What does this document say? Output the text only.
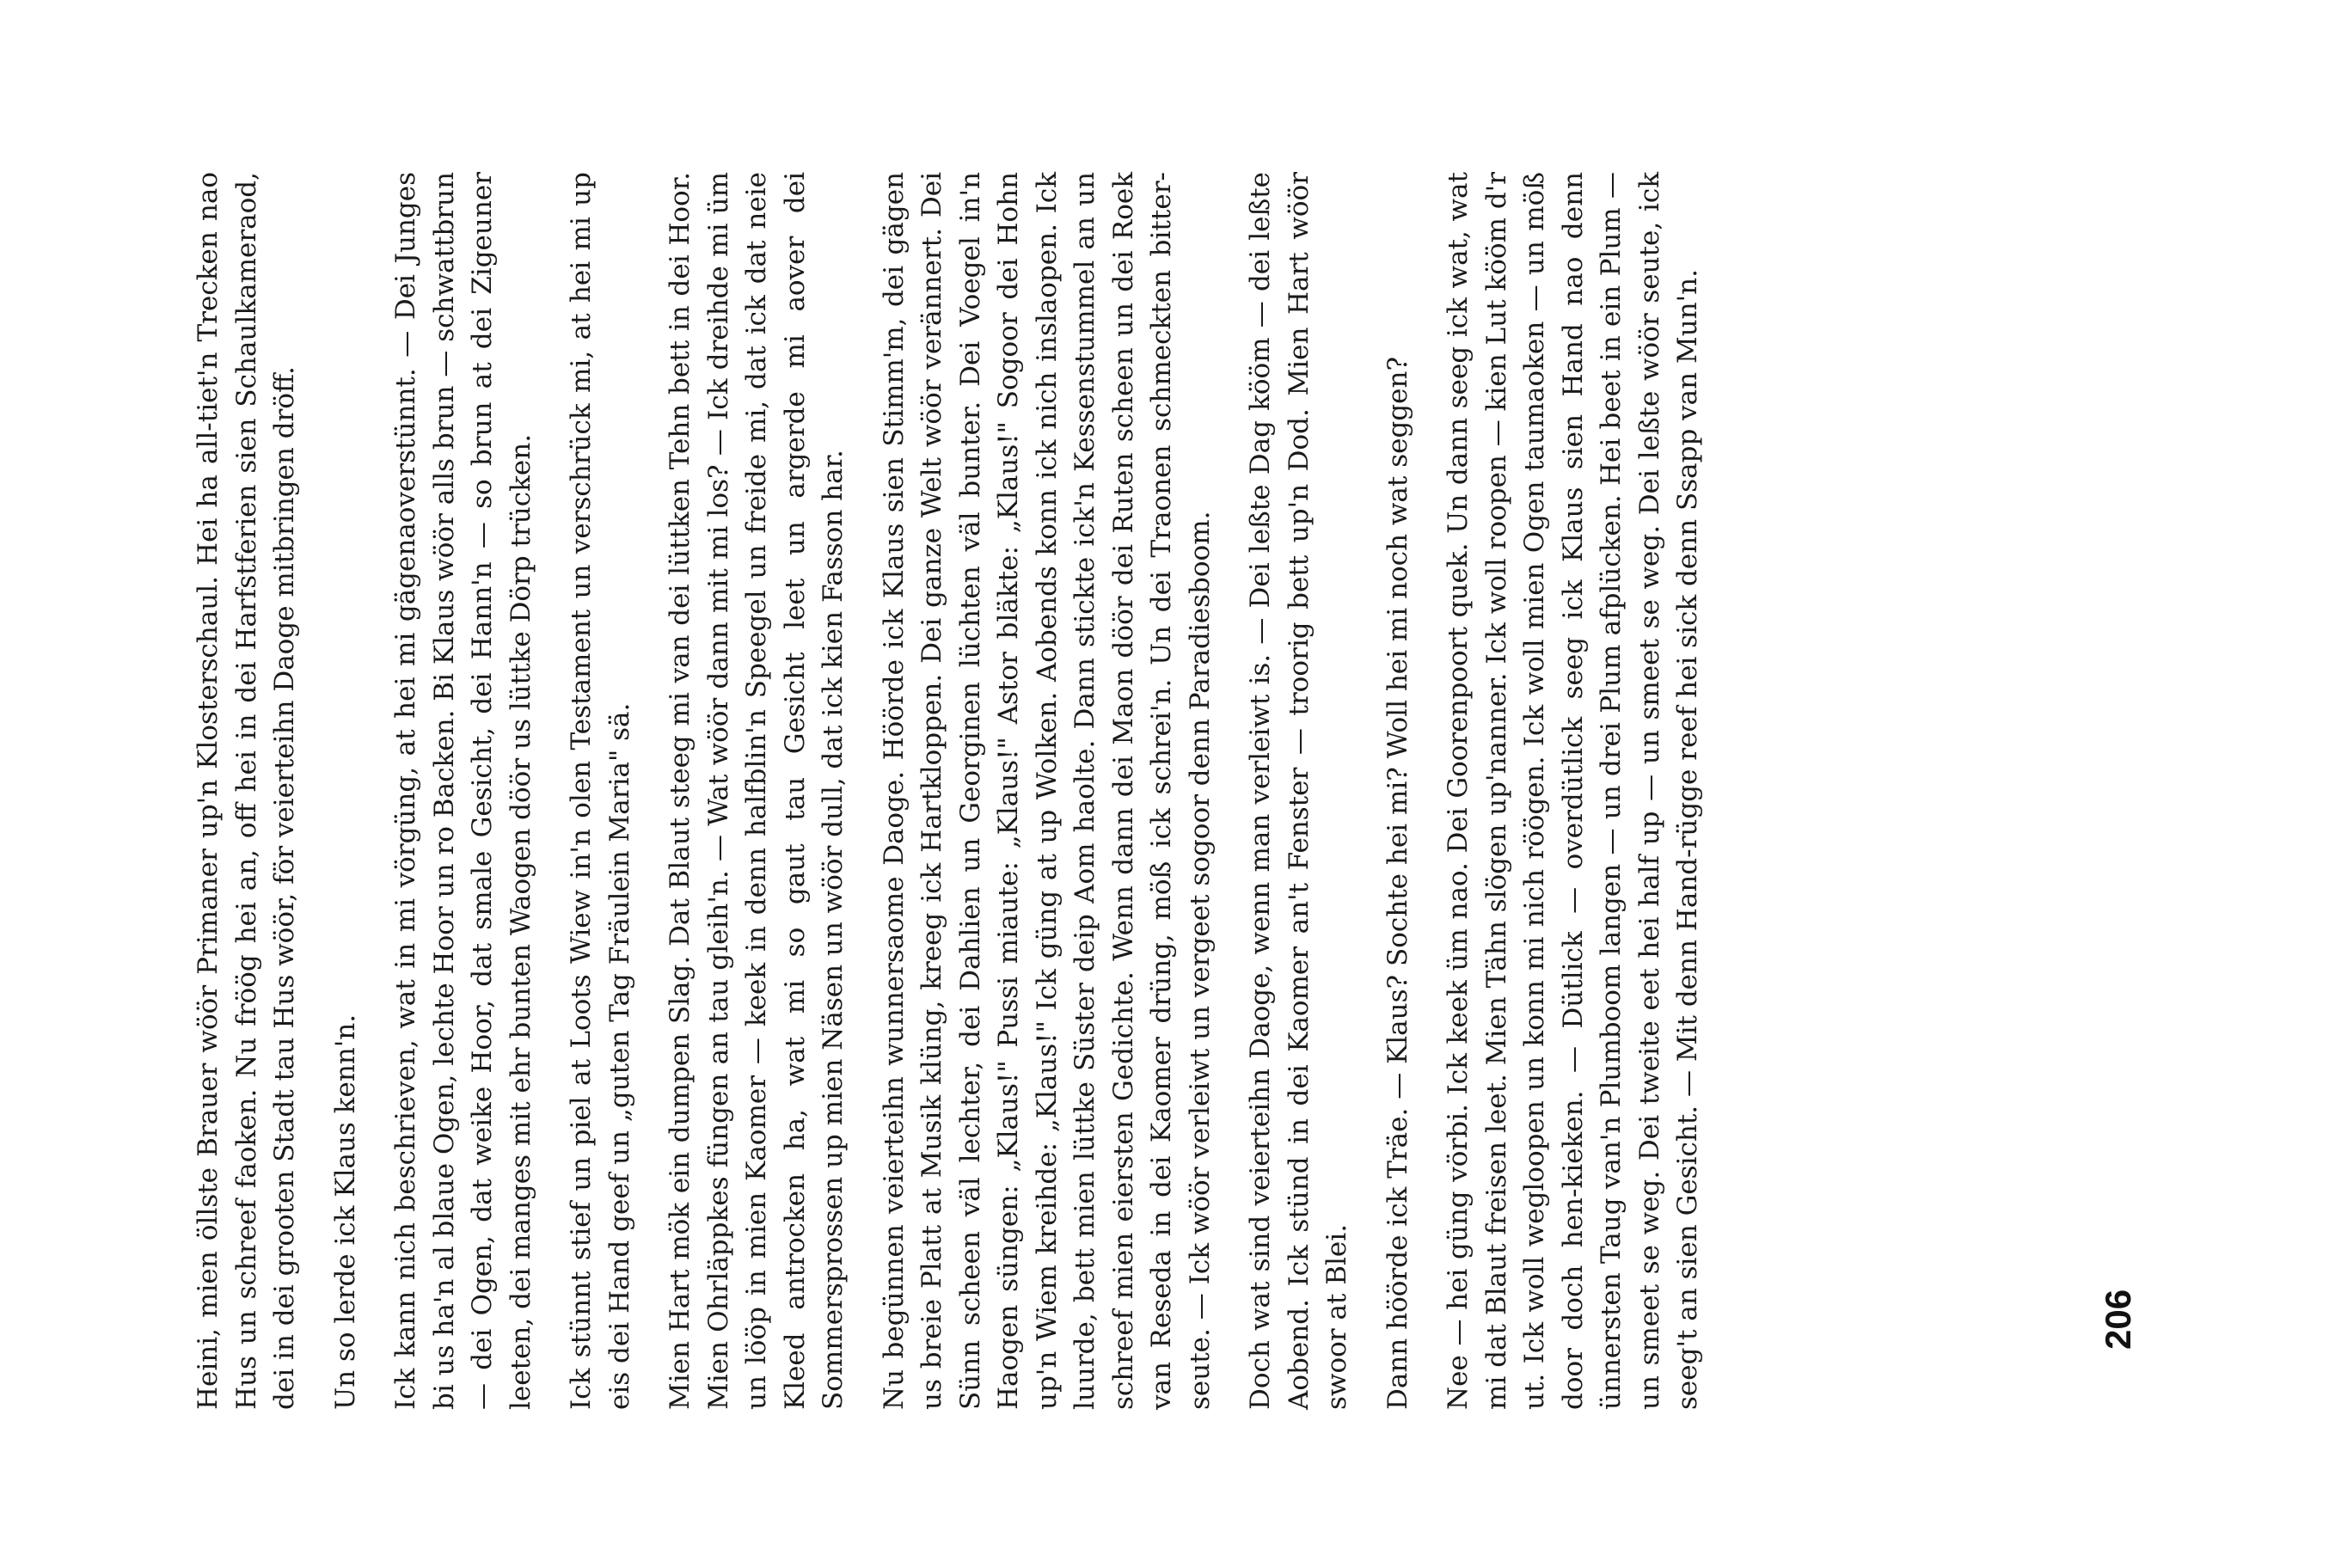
Heini, mien öllste Brauer wöör Primaner up'n Klosterschaul. Hei ha all-tiet'n Trecken nao Hus un schreef faoken. Nu fröög hei an, off hei in dei Harfstferien sien Schaulkameraod, dei in dei grooten Stadt tau Hus wöör, för veierteihn Daoge mitbringen dröff. Un so lerde ick Klaus kenn'n. Ick kann nich beschrieven, wat in mi vörgüng, at hei mi gägenaoverstünnt. — Dei Junges bi us ha'n al blaue Ogen, lechte Hoor un ro Backen. Bi Klaus wöör alls brun — schwattbrun — dei Ogen, dat weike Hoor, dat smale Gesicht, dei Hann'n — so brun at dei Zigeuner leeten, dei manges mit ehr bunten Waogen döör us lüttke Dörp trücken. Ick stünnt stief un piel at Loots Wiew in'n olen Testament un verschrück mi, at hei mi up eis dei Hand geef un „guten Tag Fräulein Maria" sä. Mien Hart mök ein dumpen Slag. Dat Blaut steeg mi van dei lüttken Tehn bett in dei Hoor. Mien Ohrläppkes füngen an tau gleih'n. — Wat wöör dann mit mi los? — Ick dreihde mi üm un lööp in mien Kaomer — keek in denn halfblin'n Speegel un freide mi, dat ick dat neie Kleed antrocken ha, wat mi so gaut tau Gesicht leet un argerde mi aover dei Sommersprossen up mien Näsen un wöör dull, dat ick kien Fasson har. Nu begünnen veierteihn wunnersaome Daoge. Höörde ick Klaus sien Stimm'm, dei gägen us breie Platt at Musik klüng, kreeg ick Hartkloppen. Dei ganze Welt wöör verännert. Dei Sünn scheen väl lechter, dei Dahlien un Georginen lüchten väl bunter. Dei Voegel in'n Haogen süngen: „Klaus!" Pussi miaute: „Klaus!" Astor bläkte: „Klaus!" Sogoor dei Hohn up'n Wiem kreihde: „Klaus!" Ick güng at up Wolken. Aobends konn ick nich inslaopen. Ick luurde, bett mien lüttke Süster deip Aom haolte. Dann stickte ick'n Kessenstummel an un schreef mien eiersten Gedichte. Wenn dann dei Maon döör dei Ruten scheen un dei Roek van Reseda in dei Kaomer drüng, möß ick schrei'n. Un dei Traonen schmeckten bitter-seute. — Ick wöör verleiwt un vergeet sogoor denn Paradiesboom. Doch wat sind veierteihn Daoge, wenn man verleiwt is. — Dei leßte Dag kööm — dei leßte Aobend. Ick stünd in dei Kaomer an't Fenster — troorig bett up'n Dod. Mien Hart wöör swoor at Blei. Dann höörde ick Träe. — Klaus? Sochte hei mi? Woll hei mi noch wat seggen? Nee — hei güng vörbi. Ick keek üm nao. Dei Goorenpoort quek. Un dann seeg ick wat, wat mi dat Blaut freisen leet. Mien Tähn slögen up'nanner. Ick woll roopen — kien Lut kööm d'r ut. Ick woll wegloopen un konn mi nich röögen. Ick woll mien Ogen taumaoken — un möß door doch hen-kieken. — Dütlick — overdütlick seeg ick Klaus sien Hand nao denn ünnersten Taug van'n Plumboom langen — un drei Plum afplücken. Hei beet in ein Plum — un smeet se weg. Dei tweite eet hei half up — un smeet se weg. Dei leßte wöör seute, ick seeg't an sien Gesicht. — Mit denn Hand-rügge reef hei sick denn Ssapp van Mun'n.	206
